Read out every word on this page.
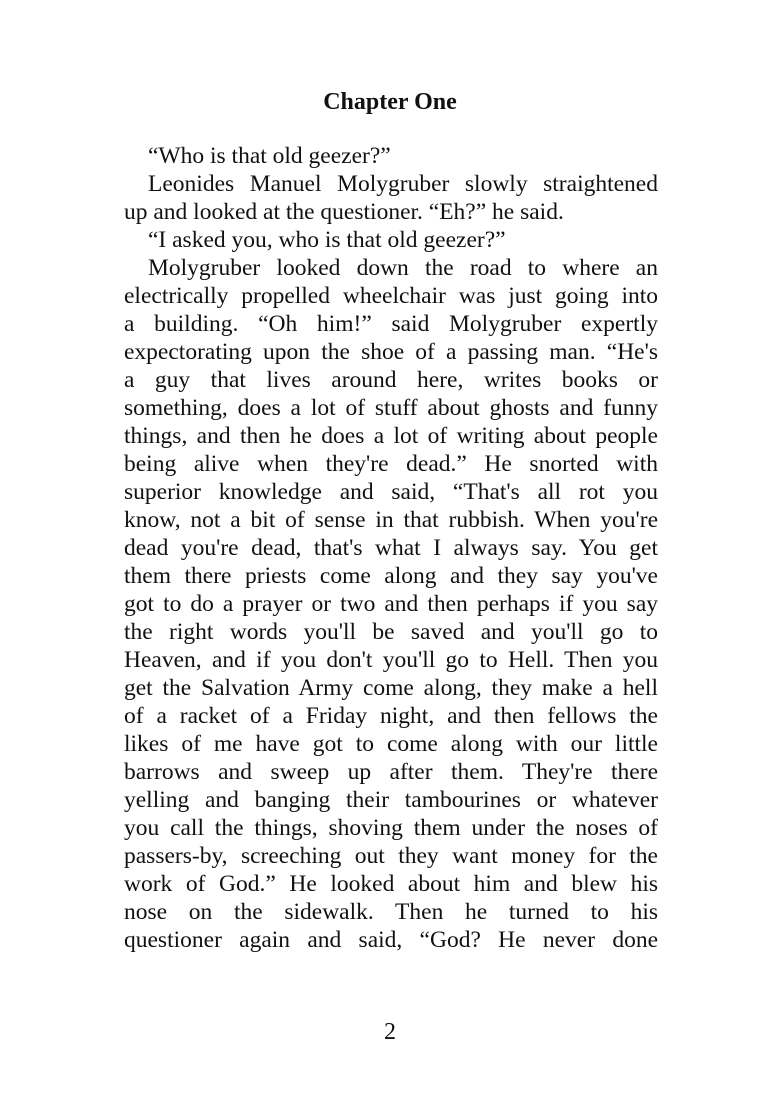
Chapter One
“Who is that old geezer?”
Leonides Manuel Molygruber slowly straightened
up and looked at the questioner. “Eh?” he said.
“I asked you, who is that old geezer?”
Molygruber looked down the road to where an
electrically propelled wheelchair was just going into
a building. “Oh him!” said Molygruber expertly
expectorating upon the shoe of a passing man. “He's
a guy that lives around here, writes books or
something, does a lot of stuff about ghosts and funny
things, and then he does a lot of writing about people
being alive when they're dead.” He snorted with
superior knowledge and said, “That's all rot you
know, not a bit of sense in that rubbish. When you're
dead you're dead, that's what I always say. You get
them there priests come along and they say you've
got to do a prayer or two and then perhaps if you say
the right words you'll be saved and you'll go to
Heaven, and if you don't you'll go to Hell. Then you
get the Salvation Army come along, they make a hell
of a racket of a Friday night, and then fellows the
likes of me have got to come along with our little
barrows and sweep up after them. They're there
yelling and banging their tambourines or whatever
you call the things, shoving them under the noses of
passers-by, screeching out they want money for the
work of God.” He looked about him and blew his
nose on the sidewalk. Then he turned to his
questioner again and said, “God? He never done
2
